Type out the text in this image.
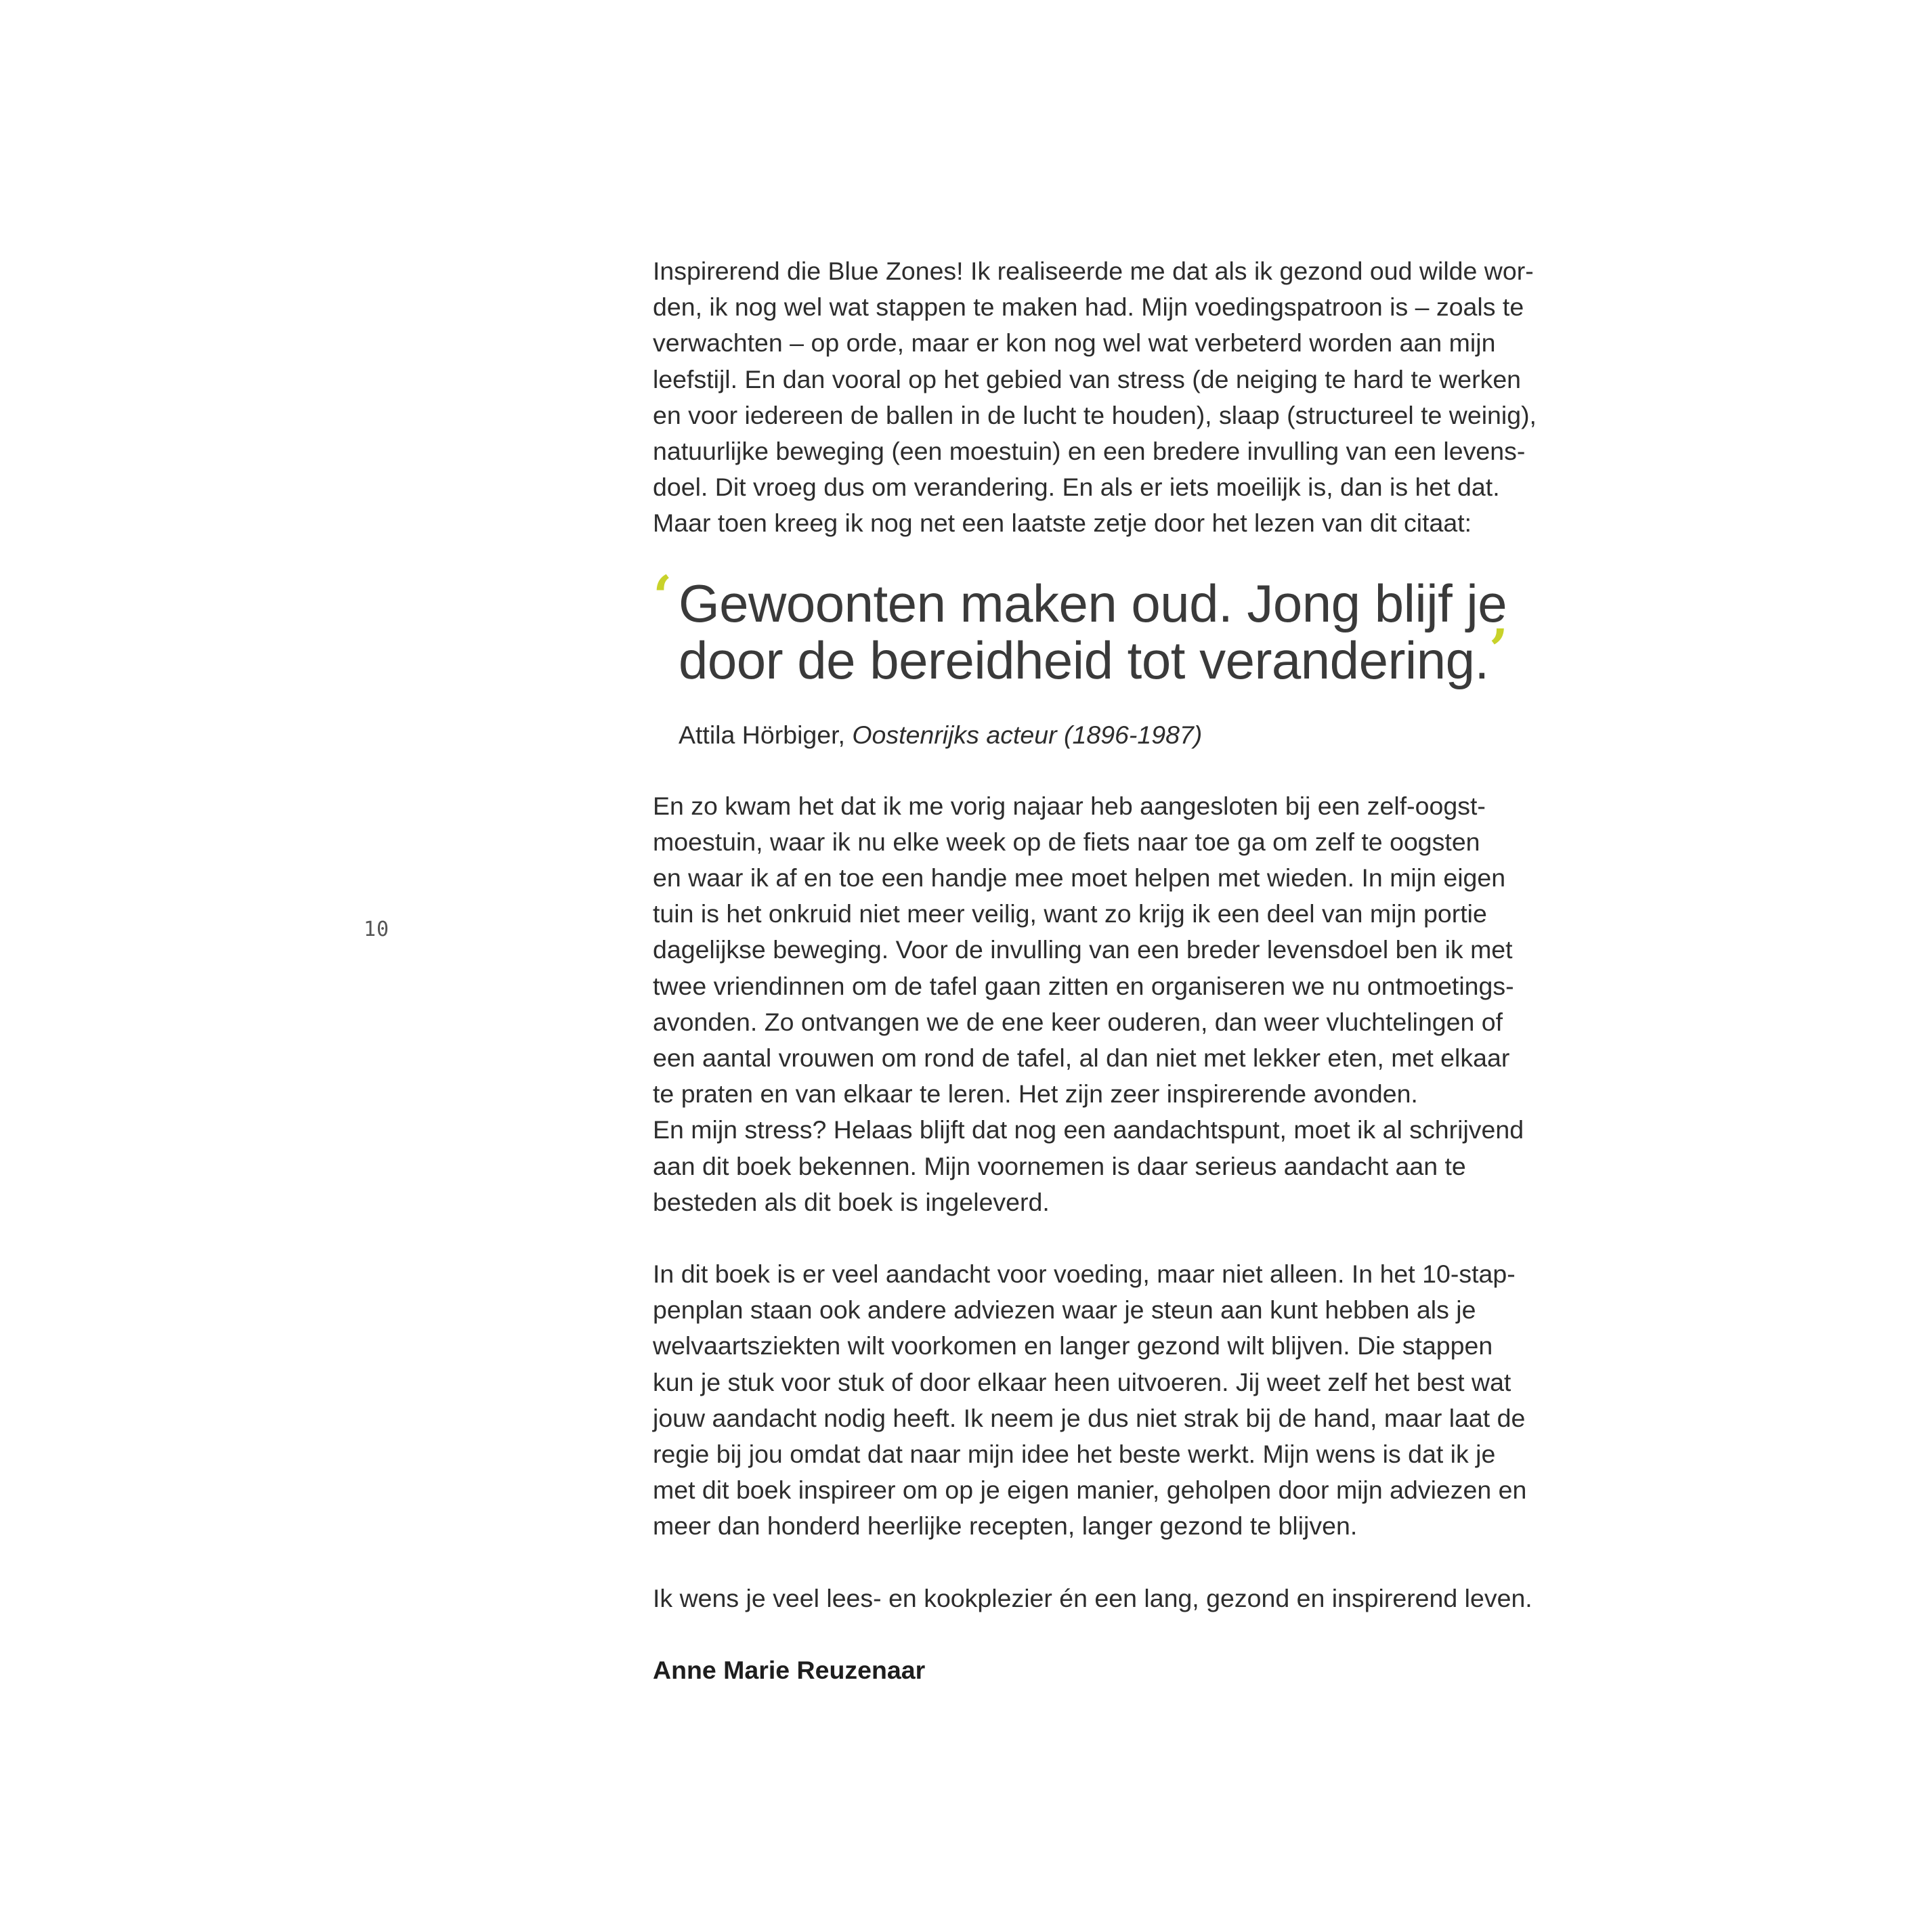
10

Inspirerend die Blue Zones! Ik realiseerde me dat als ik gezond oud wilde wor-
den, ik nog wel wat stappen te maken had. Mijn voedingspatroon is – zoals te
verwachten – op orde, maar er kon nog wel wat verbeterd worden aan mijn
leefstijl. En dan vooral op het gebied van stress (de neiging te hard te werken
en voor iedereen de ballen in de lucht te houden), slaap (structureel te weinig),
natuurlijke beweging (een moestuin) en een bredere invulling van een levens-
doel. Dit vroeg dus om verandering. En als er iets moeilijk is, dan is het dat.
Maar toen kreeg ik nog net een laatste zetje door het lezen van dit citaat:

‘ Gewoonten maken oud. Jong blijf je
door de bereidheid tot verandering.’
Attila Hörbiger, Oostenrijks acteur (1896-1987)

En zo kwam het dat ik me vorig najaar heb aangesloten bij een zelf-oogst-
moestuin, waar ik nu elke week op de fiets naar toe ga om zelf te oogsten
en waar ik af en toe een handje mee moet helpen met wieden. In mijn eigen
tuin is het onkruid niet meer veilig, want zo krijg ik een deel van mijn portie
dagelijkse beweging. Voor de invulling van een breder levensdoel ben ik met
twee vriendinnen om de tafel gaan zitten en organiseren we nu ontmoetings-
avonden. Zo ontvangen we de ene keer ouderen, dan weer vluchtelingen of
een aantal vrouwen om rond de tafel, al dan niet met lekker eten, met elkaar
te praten en van elkaar te leren. Het zijn zeer inspirerende avonden.
En mijn stress? Helaas blijft dat nog een aandachtspunt, moet ik al schrijvend
aan dit boek bekennen. Mijn voornemen is daar serieus aandacht aan te
besteden als dit boek is ingeleverd.

In dit boek is er veel aandacht voor voeding, maar niet alleen. In het 10-stap-
penplan staan ook andere adviezen waar je steun aan kunt hebben als je
welvaartsziekten wilt voorkomen en langer gezond wilt blijven. Die stappen
kun je stuk voor stuk of door elkaar heen uitvoeren. Jij weet zelf het best wat
jouw aandacht nodig heeft. Ik neem je dus niet strak bij de hand, maar laat de
regie bij jou omdat dat naar mijn idee het beste werkt. Mijn wens is dat ik je
met dit boek inspireer om op je eigen manier, geholpen door mijn adviezen en
meer dan honderd heerlijke recepten, langer gezond te blijven.

Ik wens je veel lees- en kookplezier én een lang, gezond en inspirerend leven.

Anne Marie Reuzenaar
